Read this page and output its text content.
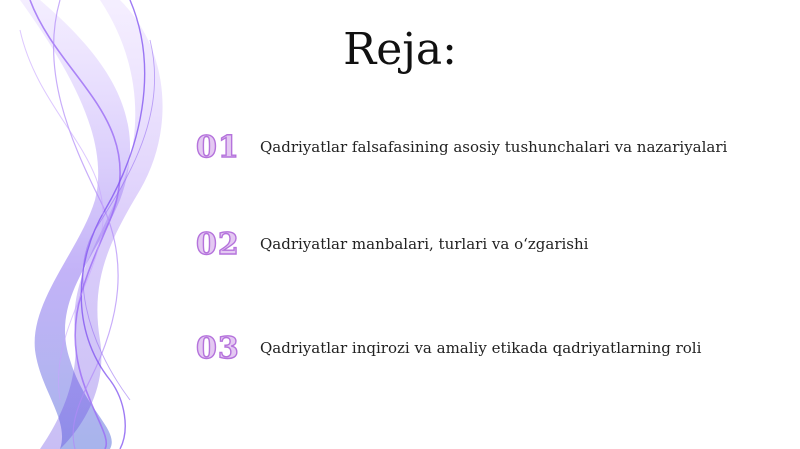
Reja:
01	Qadriyatlar falsafasining asosiy tushunchalari va nazariyalari
02	Qadriyatlar manbalari, turlari va o‘zgarishi
03	Qadriyatlar inqirozi va amaliy etikada qadriyatlarning roli
